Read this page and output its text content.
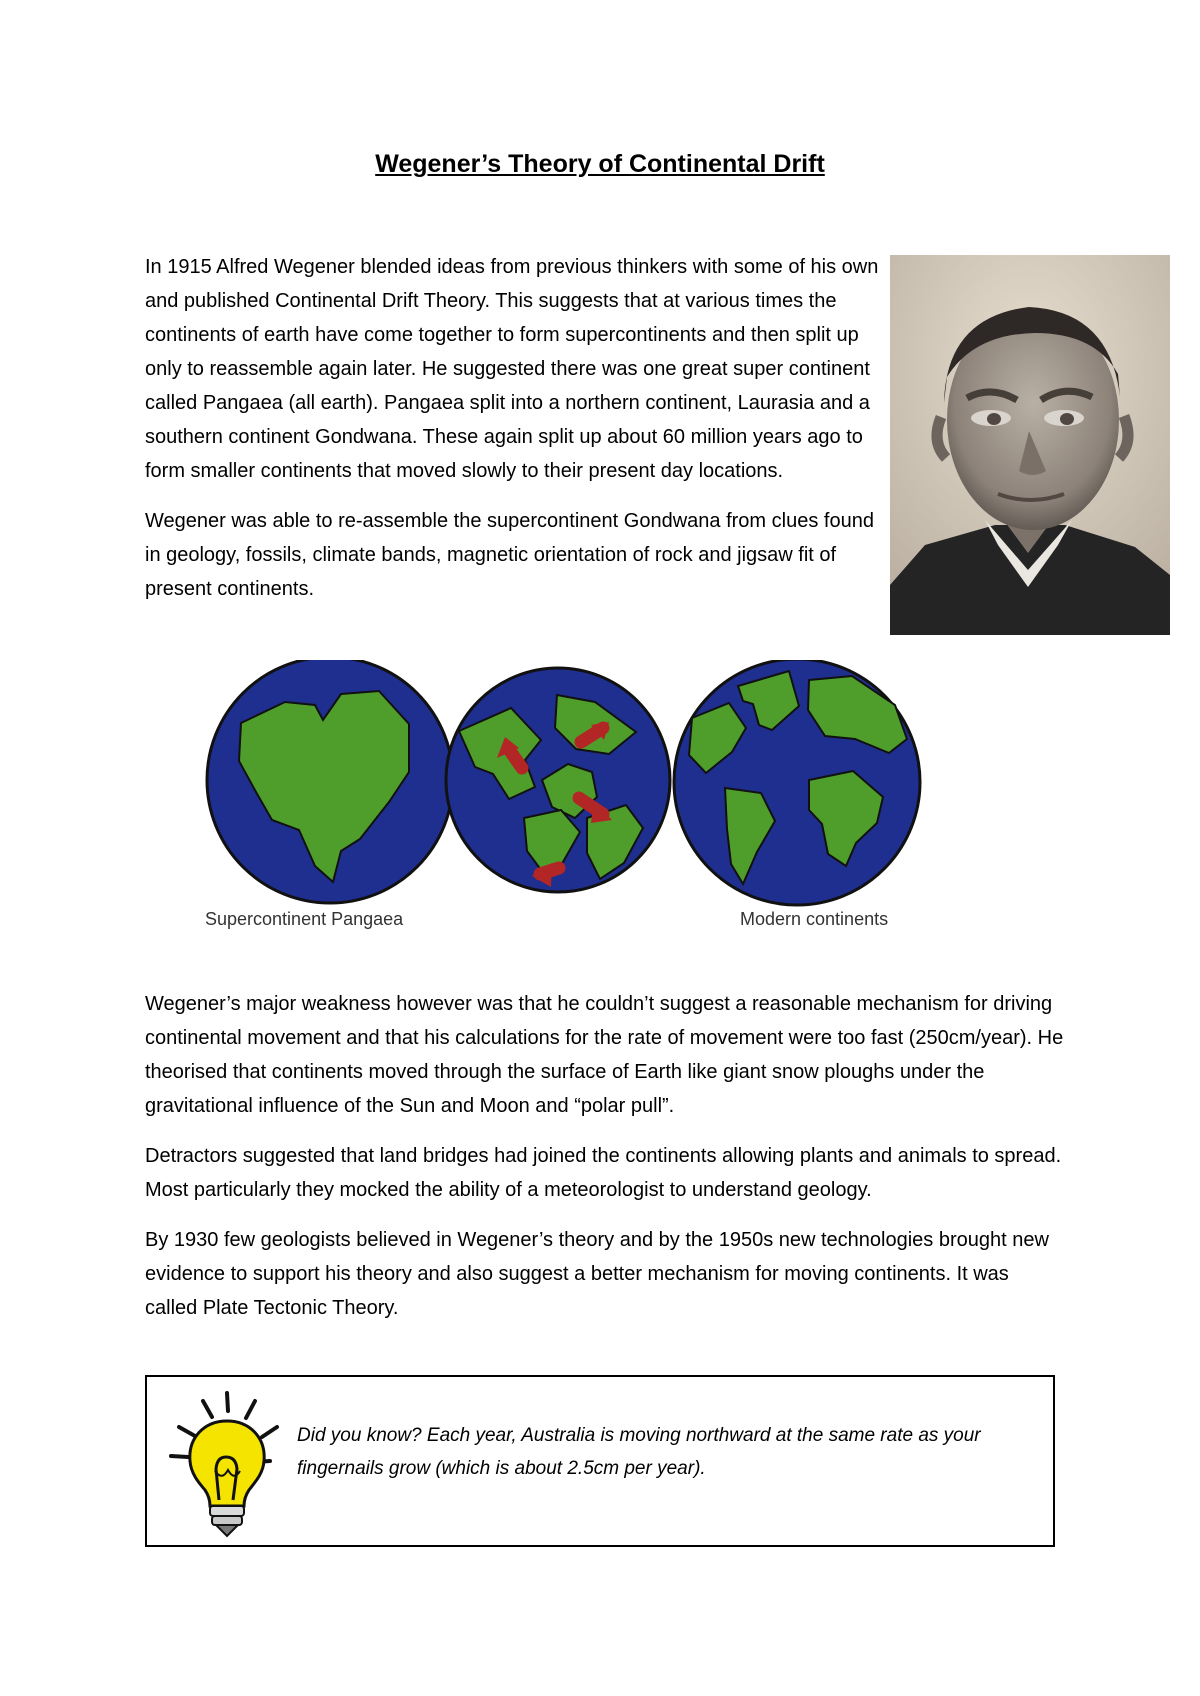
Wegener’s Theory of Continental Drift

In 1915 Alfred Wegener blended ideas from previous thinkers with some of his own and published Continental Drift Theory. This suggests that at various times the continents of earth have come together to form supercontinents and then split up only to reassemble again later. He suggested there was one great super continent called Pangaea (all earth). Pangaea split into a northern continent, Laurasia and a southern continent Gondwana. These again split up about 60 million years ago to form smaller continents that moved slowly to their present day locations.

Wegener was able to re-assemble the supercontinent Gondwana from clues found in geology, fossils, climate bands, magnetic orientation of rock and jigsaw fit of present continents.

Supercontinent Pangaea	Modern continents

Wegener’s major weakness however was that he couldn’t suggest a reasonable mechanism for driving continental movement and that his calculations for the rate of movement were too fast (250cm/year). He theorised that continents moved through the surface of Earth like giant snow ploughs under the gravitational influence of the Sun and Moon and “polar pull”.

Detractors suggested that land bridges had joined the continents allowing plants and animals to spread. Most particularly they mocked the ability of a meteorologist to understand geology.

By 1930 few geologists believed in Wegener’s theory and by the 1950s new technologies brought new evidence to support his theory and also suggest a better mechanism for moving continents. It was called Plate Tectonic Theory.

Did you know? Each year, Australia is moving northward at the same rate as your fingernails grow (which is about 2.5cm per year).
